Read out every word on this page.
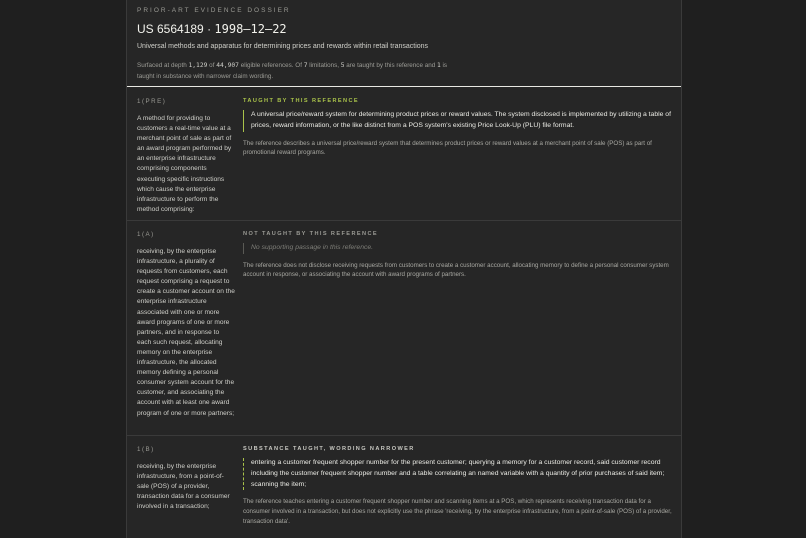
PRIOR-ART EVIDENCE DOSSIER
US 6564189 · 1998–12–22
Universal methods and apparatus for determining prices and rewards within retail transactions
Surfaced at depth 1,129 of 44,907 eligible references. Of 7 limitations, 5 are taught by this reference and 1 is taught in substance with narrower claim wording.
1(PRE)
A method for providing to customers a real-time value at a merchant point of sale as part of an award program performed by an enterprise infrastructure comprising components executing specific instructions which cause the enterprise infrastructure to perform the method comprising:
TAUGHT BY THIS REFERENCE
A universal price/reward system for determining product prices or reward values. The system disclosed is implemented by utilizing a table of prices, reward information, or the like distinct from a POS system's existing Price Look-Up (PLU) file format.
The reference describes a universal price/reward system that determines product prices or reward values at a merchant point of sale (POS) as part of promotional reward programs.
1(A)
receiving, by the enterprise infrastructure, a plurality of requests from customers, each request comprising a request to create a customer account on the enterprise infrastructure associated with one or more award programs of one or more partners, and in response to each such request, allocating memory on the enterprise infrastructure, the allocated memory defining a personal consumer system account for the customer, and associating the account with at least one award program of one or more partners;
NOT TAUGHT BY THIS REFERENCE
No supporting passage in this reference.
The reference does not disclose receiving requests from customers to create a customer account, allocating memory to define a personal consumer system account in response, or associating the account with award programs of partners.
1(B)
receiving, by the enterprise infrastructure, from a point-of-sale (POS) of a provider, transaction data for a consumer involved in a transaction;
SUBSTANCE TAUGHT, WORDING NARROWER
entering a customer frequent shopper number for the present customer; querying a memory for a customer record, said customer record including the customer frequent shopper number and a table correlating an named variable with a quantity of prior purchases of said item; scanning the item;
The reference teaches entering a customer frequent shopper number and scanning items at a POS, which represents receiving transaction data for a consumer involved in a transaction, but does not explicitly use the phrase 'receiving, by the enterprise infrastructure, from a point-of-sale (POS) of a provider, transaction data'.
